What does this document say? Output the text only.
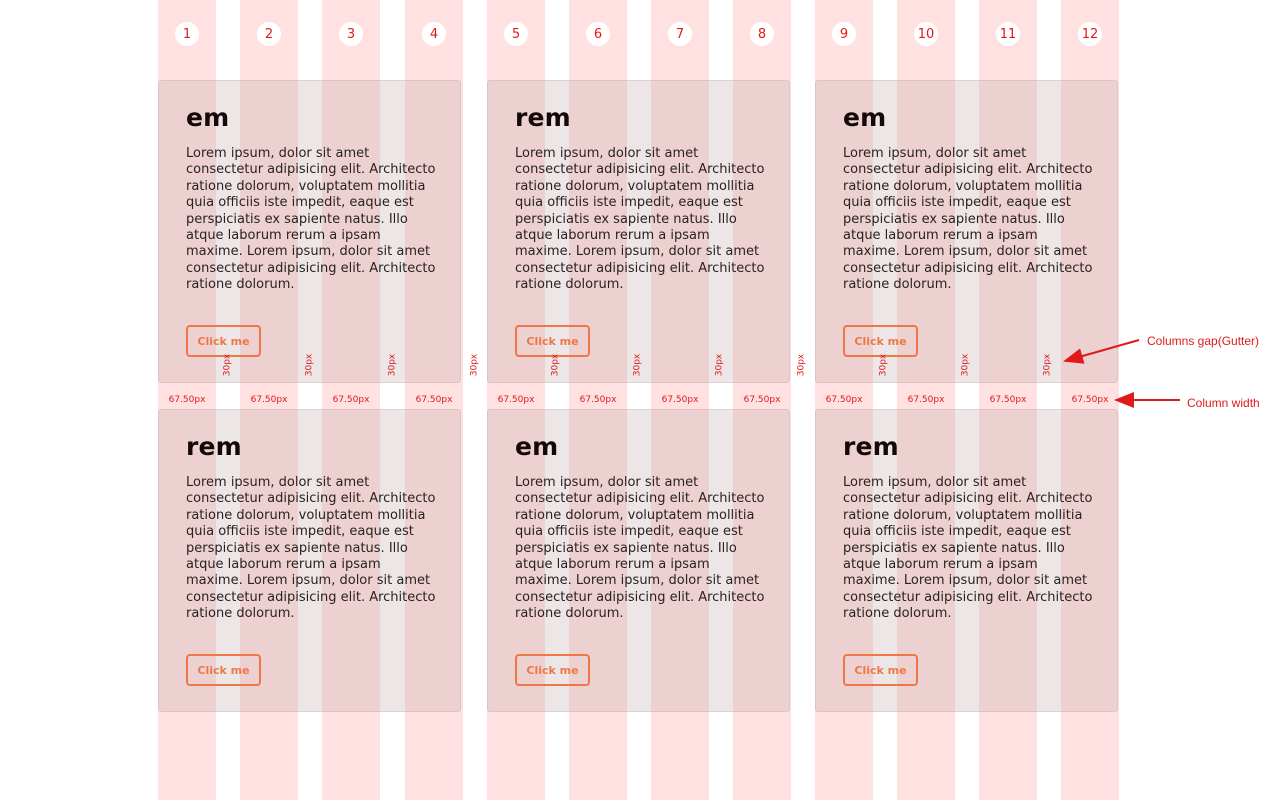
1	2	3	4	5	6	7	8	9	10	11	12
em

Lorem ipsum, dolor sit amet consectetur adipisicing elit. Architecto ratione dolorum, voluptatem mollitia quia officiis iste impedit, eaque est perspiciatis ex sapiente natus. Illo atque laborum rerum a ipsam maxime. Lorem ipsum, dolor sit amet consectetur adipisicing elit. Architecto ratione dolorum.

Click me
rem

Lorem ipsum, dolor sit amet consectetur adipisicing elit. Architecto ratione dolorum, voluptatem mollitia quia officiis iste impedit, eaque est perspiciatis ex sapiente natus. Illo atque laborum rerum a ipsam maxime. Lorem ipsum, dolor sit amet consectetur adipisicing elit. Architecto ratione dolorum.

Click me
em

Lorem ipsum, dolor sit amet consectetur adipisicing elit. Architecto ratione dolorum, voluptatem mollitia quia officiis iste impedit, eaque est perspiciatis ex sapiente natus. Illo atque laborum rerum a ipsam maxime. Lorem ipsum, dolor sit amet consectetur adipisicing elit. Architecto ratione dolorum.

Click me
rem

Lorem ipsum, dolor sit amet consectetur adipisicing elit. Architecto ratione dolorum, voluptatem mollitia quia officiis iste impedit, eaque est perspiciatis ex sapiente natus. Illo atque laborum rerum a ipsam maxime. Lorem ipsum, dolor sit amet consectetur adipisicing elit. Architecto ratione dolorum.

Click me
em

Lorem ipsum, dolor sit amet consectetur adipisicing elit. Architecto ratione dolorum, voluptatem mollitia quia officiis iste impedit, eaque est perspiciatis ex sapiente natus. Illo atque laborum rerum a ipsam maxime. Lorem ipsum, dolor sit amet consectetur adipisicing elit. Architecto ratione dolorum.

Click me
rem

Lorem ipsum, dolor sit amet consectetur adipisicing elit. Architecto ratione dolorum, voluptatem mollitia quia officiis iste impedit, eaque est perspiciatis ex sapiente natus. Illo atque laborum rerum a ipsam maxime. Lorem ipsum, dolor sit amet consectetur adipisicing elit. Architecto ratione dolorum.

Click me
30px	30px	30px	30px	30px	30px	30px	30px	30px	30px	30px
67.50px	67.50px	67.50px	67.50px	67.50px	67.50px	67.50px	67.50px	67.50px	67.50px	67.50px	67.50px
Columns gap(Gutter)
Column width
